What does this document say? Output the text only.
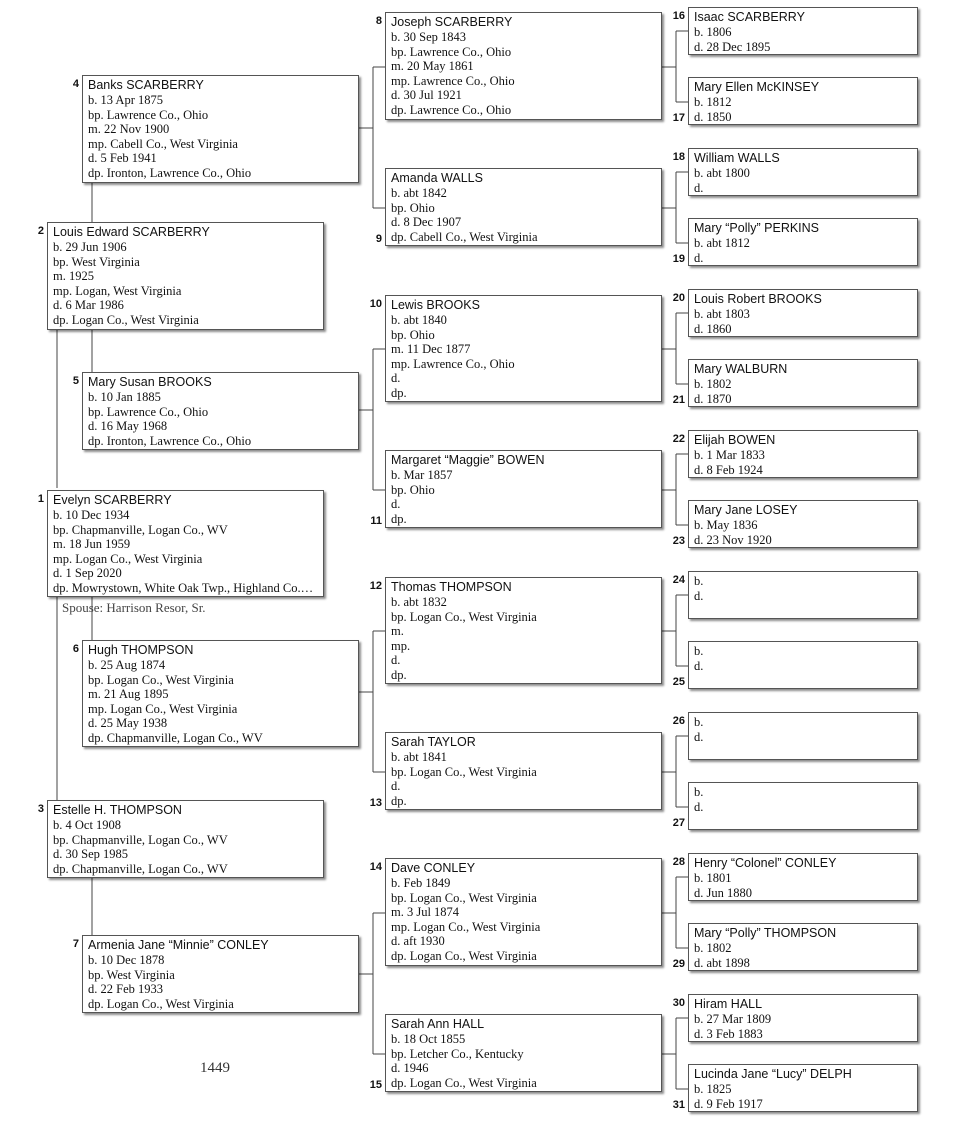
1 Evelyn SCARBERRY
b. 10 Dec 1934
bp. Chapmanville, Logan Co., WV
m. 18 Jun 1959
mp. Logan Co., West Virginia
d. 1 Sep 2020
dp. Mowrystown, White Oak Twp., Highland Co.…
2 Louis Edward SCARBERRY
b. 29 Jun 1906
bp. West Virginia
m. 1925
mp. Logan, West Virginia
d. 6 Mar 1986
dp. Logan Co., West Virginia
3 Estelle H. THOMPSON
b. 4 Oct 1908
bp. Chapmanville, Logan Co., WV
d. 30 Sep 1985
dp. Chapmanville, Logan Co., WV
4 Banks SCARBERRY
b. 13 Apr 1875
bp. Lawrence Co., Ohio
m. 22 Nov 1900
mp. Cabell Co., West Virginia
d. 5 Feb 1941
dp. Ironton, Lawrence Co., Ohio
5 Mary Susan BROOKS
b. 10 Jan 1885
bp. Lawrence Co., Ohio
d. 16 May 1968
dp. Ironton, Lawrence Co., Ohio
6 Hugh THOMPSON
b. 25 Aug 1874
bp. Logan Co., West Virginia
m. 21 Aug 1895
mp. Logan Co., West Virginia
d. 25 May 1938
dp. Chapmanville, Logan Co., WV
7 Armenia Jane “Minnie” CONLEY
b. 10 Dec 1878
bp. West Virginia
d. 22 Feb 1933
dp. Logan Co., West Virginia
8 Joseph SCARBERRY
b. 30 Sep 1843
bp. Lawrence Co., Ohio
m. 20 May 1861
mp. Lawrence Co., Ohio
d. 30 Jul 1921
dp. Lawrence Co., Ohio
9
Amanda WALLS
b. abt 1842
bp. Ohio
d. 8 Dec 1907
dp. Cabell Co., West Virginia
10 Lewis BROOKS
b. abt 1840
bp. Ohio
m. 11 Dec 1877
mp. Lawrence Co., Ohio
d.
dp.
11
Margaret “Maggie” BOWEN
b. Mar 1857
bp. Ohio
d.
dp.
12 Thomas THOMPSON
b. abt 1832
bp. Logan Co., West Virginia
m.
mp.
d.
dp.
13
Sarah TAYLOR
b. abt 1841
bp. Logan Co., West Virginia
d.
dp.
14 Dave CONLEY
b. Feb 1849
bp. Logan Co., West Virginia
m. 3 Jul 1874
mp. Logan Co., West Virginia
d. aft 1930
dp. Logan Co., West Virginia
15
Sarah Ann HALL
b. 18 Oct 1855
bp. Letcher Co., Kentucky
d. 1946
dp. Logan Co., West Virginia
16 Isaac SCARBERRY
b. 1806
d. 28 Dec 1895
17
Mary Ellen McKINSEY
b. 1812
d. 1850
18 William WALLS
b. abt 1800
d.
19
Mary “Polly” PERKINS
b. abt 1812
d.
20 Louis Robert BROOKS
b. abt 1803
d. 1860
21
Mary WALBURN
b. 1802
d. 1870
22 Elijah BOWEN
b. 1 Mar 1833
d. 8 Feb 1924
23
Mary Jane LOSEY
b. May 1836
d. 23 Nov 1920
24 b.
d.
25
b.
d.
26 b.
d.
27
b.
d.
28 Henry “Colonel” CONLEY
b. 1801
d. Jun 1880
29
Mary “Polly” THOMPSON
b. 1802
d. abt 1898
30 Hiram HALL
b. 27 Mar 1809
d. 3 Feb 1883
31
Lucinda Jane “Lucy” DELPH
b. 1825
d. 9 Feb 1917
Spouse: Harrison Resor, Sr.
1449
